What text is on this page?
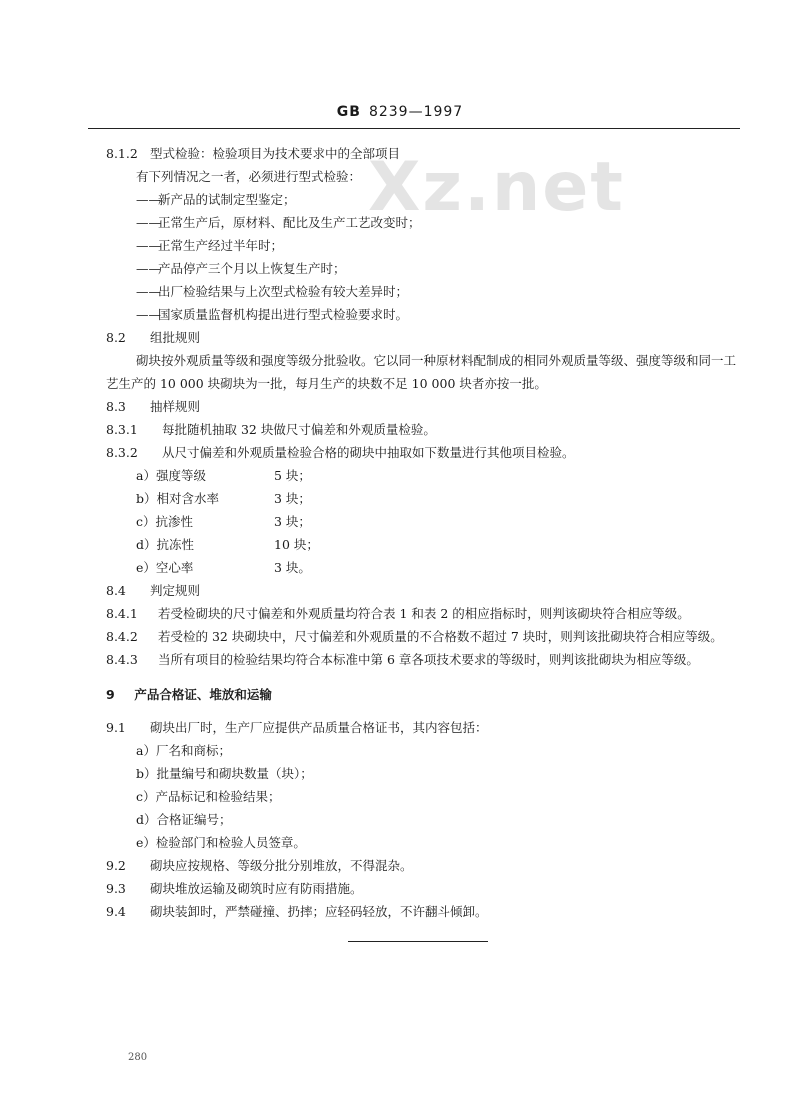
Xz.net
GB 8239—1997
8.1.2 型式检验：检验项目为技术要求中的全部项目
有下列情况之一者，必须进行型式检验：
——新产品的试制定型鉴定；
——正常生产后，原材料、配比及生产工艺改变时；
——正常生产经过半年时；
——产品停产三个月以上恢复生产时；
——出厂检验结果与上次型式检验有较大差异时；
——国家质量监督机构提出进行型式检验要求时。
8.2 组批规则
砌块按外观质量等级和强度等级分批验收。它以同一种原材料配制成的相同外观质量等级、强度等级和同一工艺生产的 10 000 块砌块为一批，每月生产的块数不足 10 000 块者亦按一批。
8.3 抽样规则
8.3.1 每批随机抽取 32 块做尺寸偏差和外观质量检验。
8.3.2 从尺寸偏差和外观质量检验合格的砌块中抽取如下数量进行其他项目检验。
a）强度等级	5 块；
b）相对含水率	3 块；
c）抗渗性	3 块；
d）抗冻性	10 块；
e）空心率	3 块。
8.4 判定规则
8.4.1 若受检砌块的尺寸偏差和外观质量均符合表 1 和表 2 的相应指标时，则判该砌块符合相应等级。
8.4.2 若受检的 32 块砌块中，尺寸偏差和外观质量的不合格数不超过 7 块时，则判该批砌块符合相应等级。
8.4.3 当所有项目的检验结果均符合本标准中第 6 章各项技术要求的等级时，则判该批砌块为相应等级。
9 产品合格证、堆放和运输
9.1 砌块出厂时，生产厂应提供产品质量合格证书，其内容包括：
a）厂名和商标；
b）批量编号和砌块数量（块）；
c）产品标记和检验结果；
d）合格证编号；
e）检验部门和检验人员签章。
9.2 砌块应按规格、等级分批分别堆放，不得混杂。
9.3 砌块堆放运输及砌筑时应有防雨措施。
9.4 砌块装卸时，严禁碰撞、扔摔；应轻码轻放，不许翻斗倾卸。
280
